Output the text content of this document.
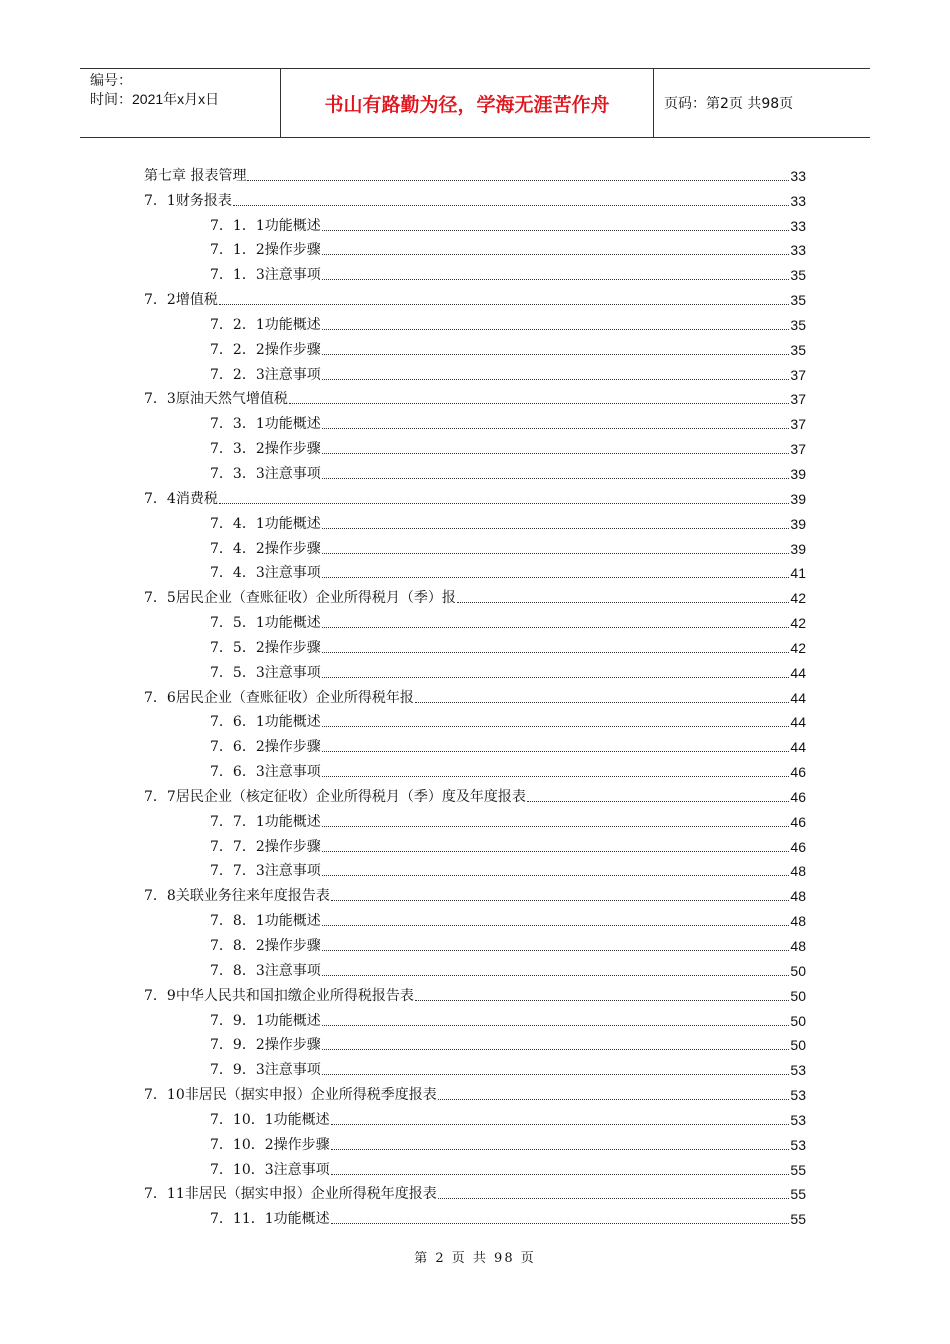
编号：
时间：2021年x月x日	书山有路勤为径，学海无涯苦作舟	页码：第2页 共98页
第七章 报表管理	33
7．1财务报表	33
7．1．1功能概述	33
7．1．2操作步骤	33
7．1．3注意事项	35
7．2增值税	35
7．2．1功能概述	35
7．2．2操作步骤	35
7．2．3注意事项	37
7．3原油天然气增值税	37
7．3．1功能概述	37
7．3．2操作步骤	37
7．3．3注意事项	39
7．4消费税	39
7．4．1功能概述	39
7．4．2操作步骤	39
7．4．3注意事项	41
7．5居民企业（查账征收）企业所得税月（季）报	42
7．5．1功能概述	42
7．5．2操作步骤	42
7．5．3注意事项	44
7．6居民企业（查账征收）企业所得税年报	44
7．6．1功能概述	44
7．6．2操作步骤	44
7．6．3注意事项	46
7．7居民企业（核定征收）企业所得税月（季）度及年度报表	46
7．7．1功能概述	46
7．7．2操作步骤	46
7．7．3注意事项	48
7．8关联业务往来年度报告表	48
7．8．1功能概述	48
7．8．2操作步骤	48
7．8．3注意事项	50
7．9中华人民共和国扣缴企业所得税报告表	50
7．9．1功能概述	50
7．9．2操作步骤	50
7．9．3注意事项	53
7．10非居民（据实申报）企业所得税季度报表	53
7．10．1功能概述	53
7．10．2操作步骤	53
7．10．3注意事项	55
7．11非居民（据实申报）企业所得税年度报表	55
7．11．1功能概述	55
第 2 页 共 98 页
